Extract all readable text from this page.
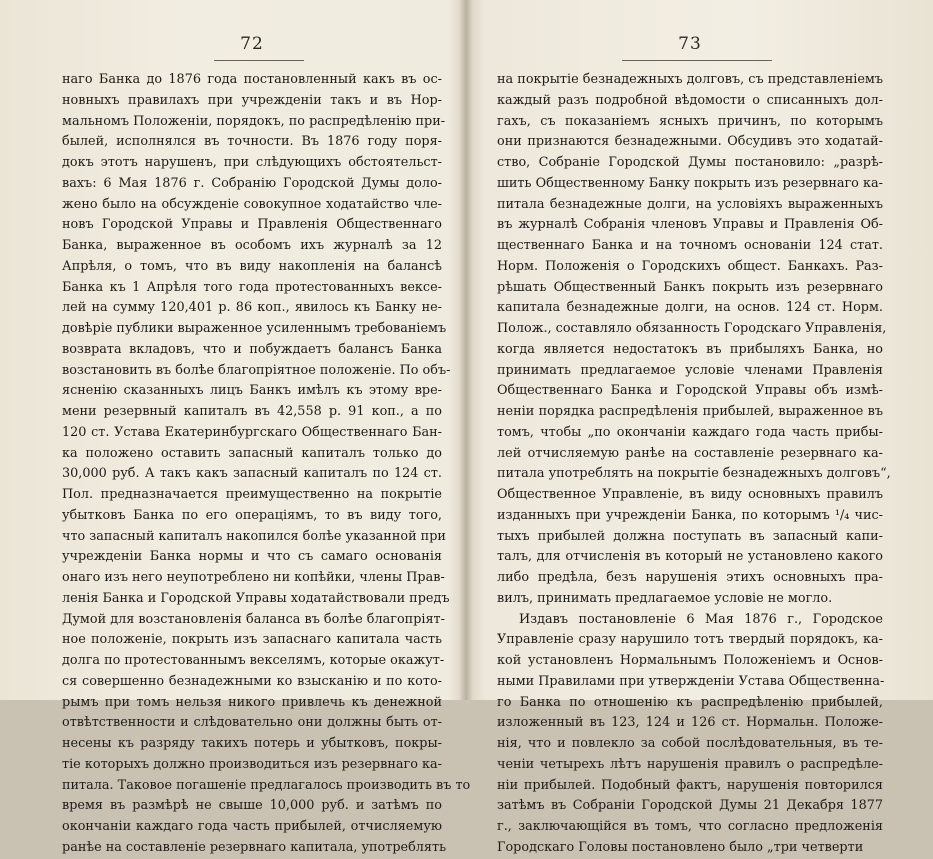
72
наго Банка до 1876 года постановленный какъ въ ос-
новныхъ правилахъ при учрежденіи такъ и въ Нор-
мальномъ Положеніи, порядокъ, по распредѣленію при-
былей, исполнялся въ точности. Въ 1876 году поря-
докъ этотъ нарушенъ, при слѣдующихъ обстоятельст-
вахъ: 6 Мая 1876 г. Собранію Городской Думы доло-
жено было на обсужденіе совокупное ходатайство чле-
новъ Городской Управы и Правленія Общественнаго
Банка, выраженное въ особомъ ихъ журналѣ за 12
Апрѣля, о томъ, что въ виду накопленія на балансѣ
Банка къ 1 Апрѣля того года протестованныхъ вексе-
лей на сумму 120,401 р. 86 коп., явилось къ Банку не-
довѣріе публики выраженное усиленнымъ требованіемъ
возврата вкладовъ, что и побуждаетъ балансъ Банка
возстановить въ болѣе благопріятное положеніе. По объ-
ясненію сказанныхъ лицъ Банкъ имѣлъ къ этому вре-
мени резервный капиталъ въ 42,558 р. 91 коп., а по
120 ст. Устава Екатеринбургскаго Общественнаго Бан-
ка положено оставить запасный капиталъ только до
30,000 руб. А такъ какъ запасный капиталъ по 124 ст.
Пол. предназначается преимущественно на покрытіе
убытковъ Банка по его операціямъ, то въ виду того,
что запасный капиталъ накопился болѣе указанной при
учрежденіи Банка нормы и что съ самаго основанія
онаго изъ него неупотреблено ни копѣйки, члены Прав-
ленія Банка и Городской Управы ходатайствовали предъ
Думой для возстановленія баланса въ болѣе благопріят-
ное положеніе, покрыть изъ запаснаго капитала часть
долга по протестованнымъ векселямъ, которые окажут-
ся совершенно безнадежными ко взысканію и по кото-
рымъ при томъ нельзя никого привлечь къ денежной
отвѣтственности и слѣдовательно они должны быть от-
несены къ разряду такихъ потерь и убытковъ, покры-
тіе которыхъ должно производиться изъ резервнаго ка-
питала. Таковое погашеніе предлагалось производить въ то
время въ размѣрѣ не свыше 10,000 руб. и затѣмъ по
окончаніи каждаго года часть прибылей, отчисляемую
ранѣе на составленіе резервнаго капитала, употреблять
73
на покрытіе безнадежныхъ долговъ, съ представленіемъ
каждый разъ подробной вѣдомости о списанныхъ дол-
гахъ, съ показаніемъ ясныхъ причинъ, по которымъ
они признаются безнадежными. Обсудивъ это ходатай-
ство, Собраніе Городской Думы постановило: „разрѣ-
шить Общественному Банку покрыть изъ резервнаго ка-
питала безнадежные долги, на условіяхъ выраженныхъ
въ журналѣ Собранія членовъ Управы и Правленія Об-
щественнаго Банка и на точномъ основаніи 124 стат.
Норм. Положенія о Городскихъ общест. Банкахъ. Раз-
рѣшать Общественный Банкъ покрыть изъ резервнаго
капитала безнадежные долги, на основ. 124 ст. Норм.
Полож., составляло обязанность Городскаго Управленія,
когда является недостатокъ въ прибыляхъ Банка, но
принимать предлагаемое условіе членами Правленія
Общественнаго Банка и Городской Управы объ измѣ-
неніи порядка распредѣленія прибылей, выраженное въ
томъ, чтобы „по окончаніи каждаго года часть прибы-
лей отчисляемую ранѣе на составленіе резервнаго ка-
питала употреблять на покрытіе безнадежныхъ долговъ“,
Общественное Управленіе, въ виду основныхъ правилъ
изданныхъ при учрежденіи Банка, по которымъ ¹/₄ чис-
тыхъ прибылей должна поступать въ запасный капи-
талъ, для отчисленія въ который не установлено какого
либо предѣла, безъ нарушенія этихъ основныхъ пра-
вилъ, принимать предлагаемое условіе не могло.
Издавъ постановленіе 6 Мая 1876 г., Городское
Управленіе сразу нарушило тотъ твердый порядокъ, ка-
кой установленъ Нормальнымъ Положеніемъ и Основ-
ными Правилами при утвержденіи Устава Общественна-
го Банка по отношенію къ распредѣленію прибылей,
изложенный въ 123, 124 и 126 ст. Нормальн. Положе-
нія, что и повлекло за собой послѣдовательныя, въ те-
ченіи четырехъ лѣтъ нарушенія правилъ о распредѣле-
ніи прибылей. Подобный фактъ, нарушенія повторился
затѣмъ въ Собраніи Городской Думы 21 Декабря 1877
г., заключающійся въ томъ, что согласно предложенія
Городскаго Головы постановлено было „три четверти
